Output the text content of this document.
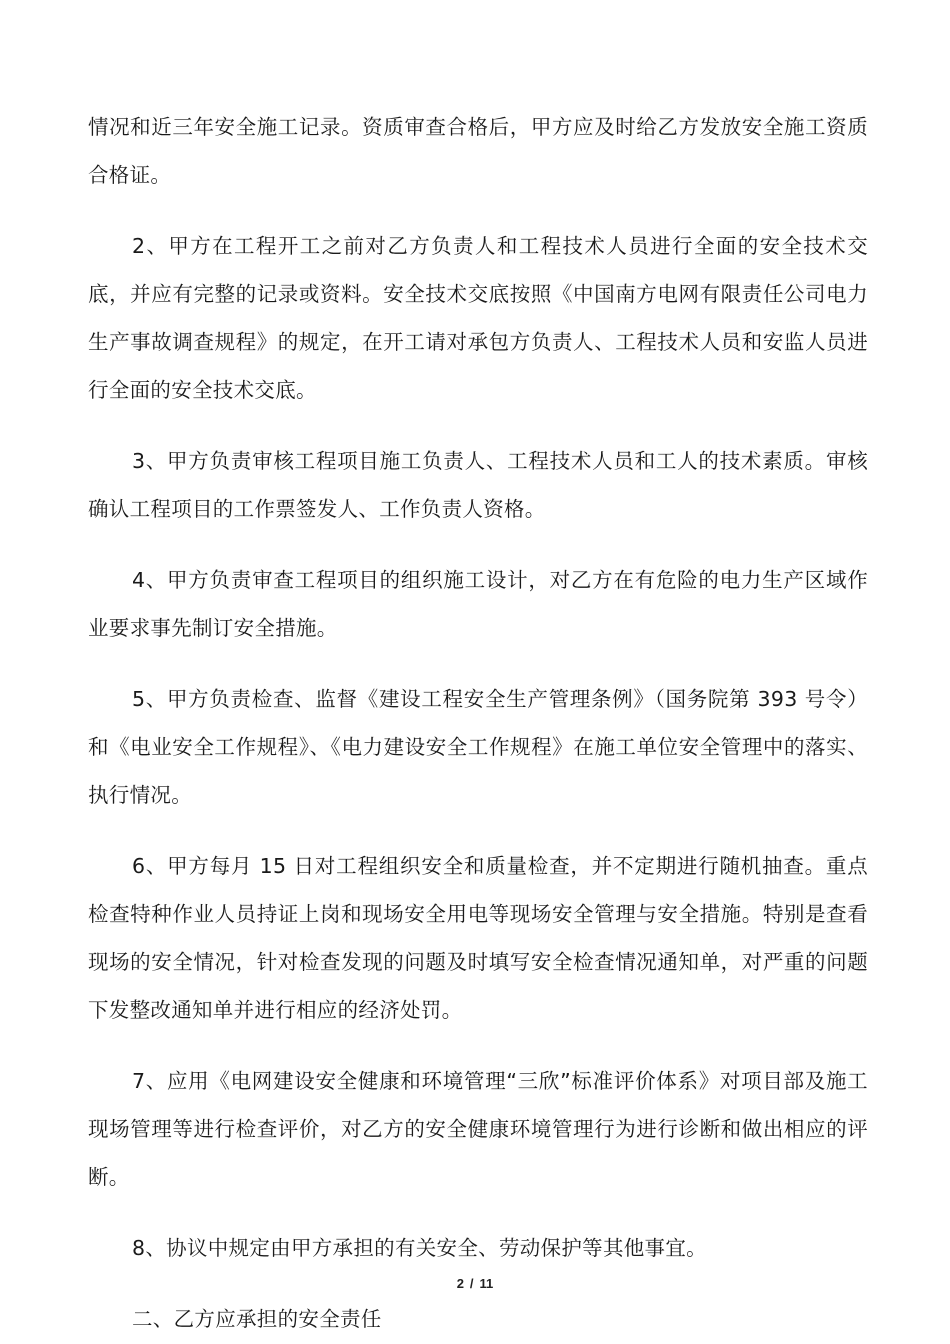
情况和近三年安全施工记录。资质审查合格后，甲方应及时给乙方发放安全施工资质合格证。

2、甲方在工程开工之前对乙方负责人和工程技术人员进行全面的安全技术交底，并应有完整的记录或资料。安全技术交底按照《中国南方电网有限责任公司电力生产事故调查规程》的规定，在开工请对承包方负责人、工程技术人员和安监人员进行全面的安全技术交底。

3、甲方负责审核工程项目施工负责人、工程技术人员和工人的技术素质。审核确认工程项目的工作票签发人、工作负责人资格。

4、甲方负责审查工程项目的组织施工设计，对乙方在有危险的电力生产区域作业要求事先制订安全措施。

5、甲方负责检查、监督《建设工程安全生产管理条例》（国务院第 393 号令）和《电业安全工作规程》、《电力建设安全工作规程》在施工单位安全管理中的落实、执行情况。

6、甲方每月 15 日对工程组织安全和质量检查，并不定期进行随机抽查。重点检查特种作业人员持证上岗和现场安全用电等现场安全管理与安全措施。特别是查看现场的安全情况，针对检查发现的问题及时填写安全检查情况通知单，对严重的问题下发整改通知单并进行相应的经济处罚。

7、应用《电网建设安全健康和环境管理“三欣”标准评价体系》对项目部及施工现场管理等进行检查评价，对乙方的安全健康环境管理行为进行诊断和做出相应的评断。

8、协议中规定由甲方承担的有关安全、劳动保护等其他事宜。

二、乙方应承担的安全责任

2 / 11
